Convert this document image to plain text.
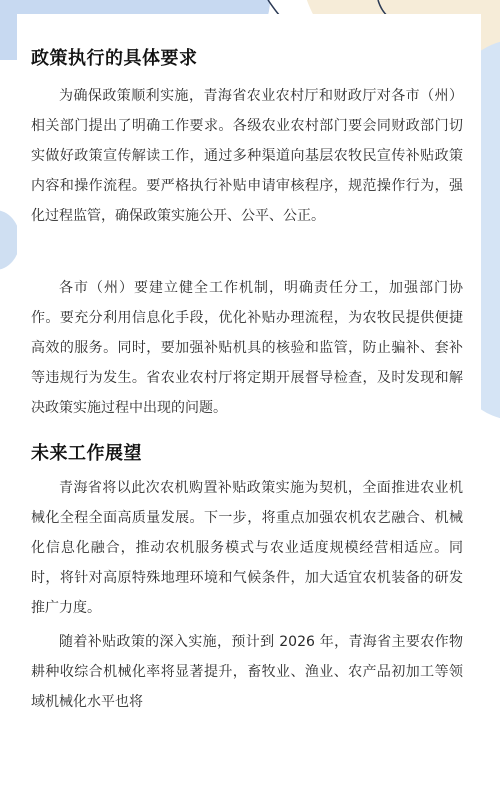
政策执行的具体要求

为确保政策顺利实施，青海省农业农村厅和财政厅对各市（州）相关部门提出了明确工作要求。各级农业农村部门要会同财政部门切实做好政策宣传解读工作，通过多种渠道向基层农牧民宣传补贴政策内容和操作流程。要严格执行补贴申请审核程序，规范操作行为，强化过程监管，确保政策实施公开、公平、公正。

各市（州）要建立健全工作机制，明确责任分工，加强部门协作。要充分利用信息化手段，优化补贴办理流程，为农牧民提供便捷高效的服务。同时，要加强补贴机具的核验和监管，防止骗补、套补等违规行为发生。省农业农村厅将定期开展督导检查，及时发现和解决政策实施过程中出现的问题。

未来工作展望

青海省将以此次农机购置补贴政策实施为契机，全面推进农业机械化全程全面高质量发展。下一步，将重点加强农机农艺融合、机械化信息化融合，推动农机服务模式与农业适度规模经营相适应。同时，将针对高原特殊地理环境和气候条件，加大适宜农机装备的研发推广力度。

随着补贴政策的深入实施，预计到 2026 年，青海省主要农作物耕种收综合机械化率将显著提升，畜牧业、渔业、农产品初加工等领域机械化水平也将
